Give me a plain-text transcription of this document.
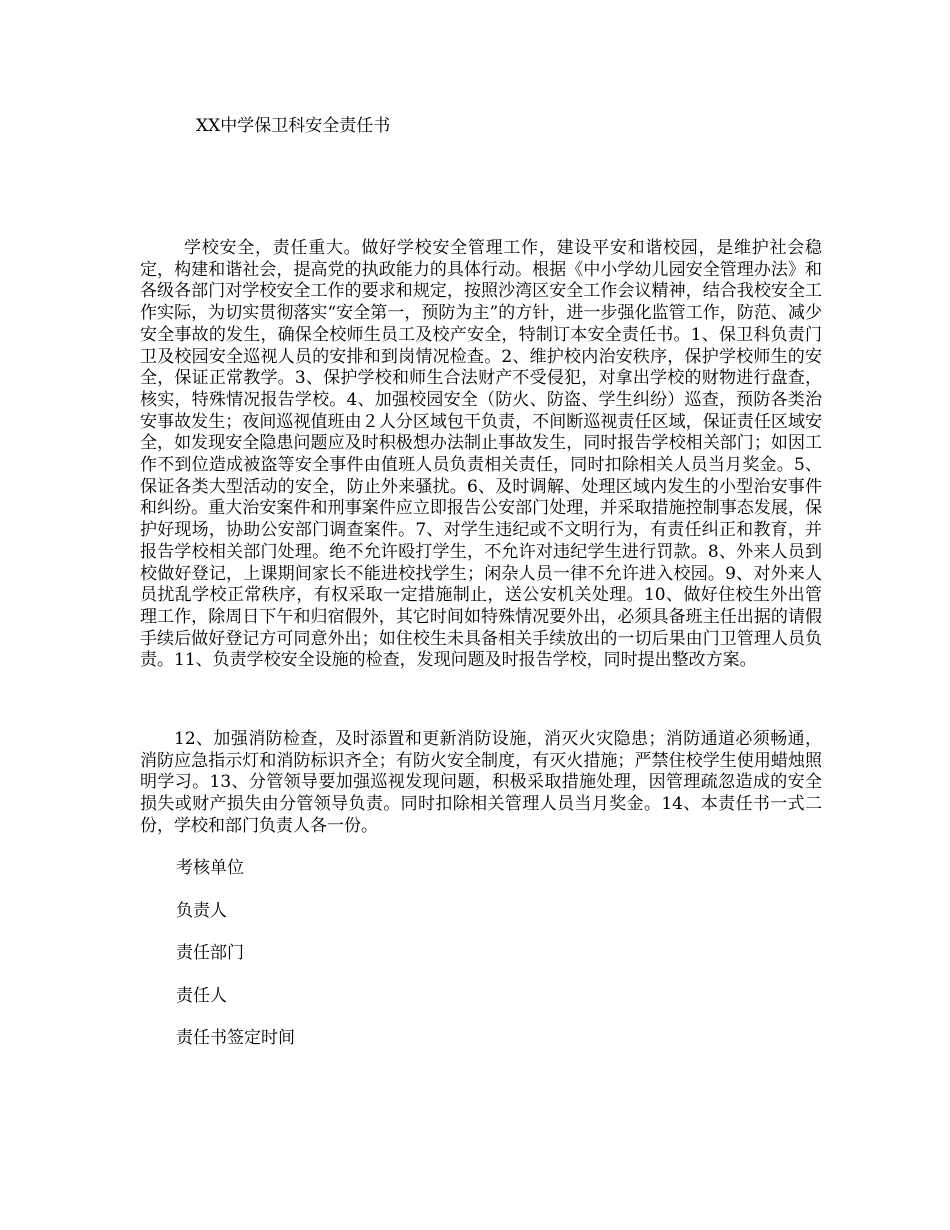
XX中学保卫科安全责任书

学校安全，责任重大。做好学校安全管理工作，建设平安和谐校园，是维护社会稳定，构建和谐社会，提高党的执政能力的具体行动。根据《中小学幼儿园安全管理办法》和各级各部门对学校安全工作的要求和规定，按照沙湾区安全工作会议精神，结合我校安全工作实际，为切实贯彻落实“安全第一，预防为主”的方针，进一步强化监管工作，防范、减少安全事故的发生，确保全校师生员工及校产安全，特制订本安全责任书。1、保卫科负责门卫及校园安全巡视人员的安排和到岗情况检查。2、维护校内治安秩序，保护学校师生的安全，保证正常教学。3、保护学校和师生合法财产不受侵犯，对拿出学校的财物进行盘查，核实，特殊情况报告学校。4、加强校园安全（防火、防盗、学生纠纷）巡查，预防各类治安事故发生；夜间巡视值班由２人分区域包干负责，不间断巡视责任区域，保证责任区域安全，如发现安全隐患问题应及时积极想办法制止事故发生，同时报告学校相关部门；如因工作不到位造成被盗等安全事件由值班人员负责相关责任，同时扣除相关人员当月奖金。5、保证各类大型活动的安全，防止外来骚扰。6、及时调解、处理区域内发生的小型治安事件和纠纷。重大治安案件和刑事案件应立即报告公安部门处理，并采取措施控制事态发展，保护好现场，协助公安部门调查案件。7、对学生违纪或不文明行为，有责任纠正和教育，并报告学校相关部门处理。绝不允许殴打学生，不允许对违纪学生进行罚款。8、外来人员到校做好登记，上课期间家长不能进校找学生；闲杂人员一律不允许进入校园。9、对外来人员扰乱学校正常秩序，有权采取一定措施制止，送公安机关处理。10、做好住校生外出管理工作，除周日下午和归宿假外，其它时间如特殊情况要外出，必须具备班主任出据的请假手续后做好登记方可同意外出；如住校生未具备相关手续放出的一切后果由门卫管理人员负责。11、负责学校安全设施的检查，发现问题及时报告学校，同时提出整改方案。

12、加强消防检查，及时添置和更新消防设施，消灭火灾隐患；消防通道必须畅通，消防应急指示灯和消防标识齐全；有防火安全制度，有灭火措施；严禁住校学生使用蜡烛照明学习。13、分管领导要加强巡视发现问题，积极采取措施处理，因管理疏忽造成的安全损失或财产损失由分管领导负责。同时扣除相关管理人员当月奖金。14、本责任书一式二份，学校和部门负责人各一份。

考核单位
负责人
责任部门
责任人
责任书签定时间
